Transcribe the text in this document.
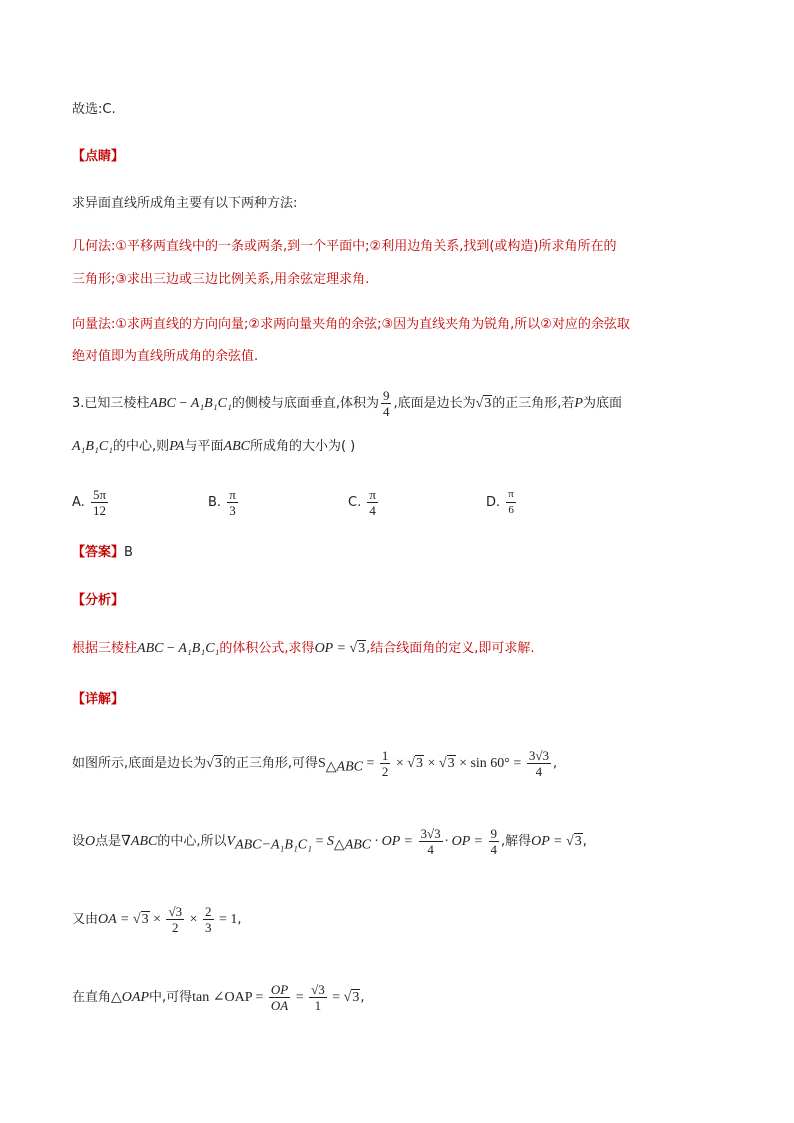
故选:C.
【点睛】
求异面直线所成角主要有以下两种方法:
几何法:①平移两直线中的一条或两条,到一个平面中;②利用边角关系,找到(或构造)所求角所在的
三角形;③求出三边或三边比例关系,用余弦定理求角.
向量法:①求两直线的方向向量;②求两向量夹角的余弦;③因为直线夹角为锐角,所以②对应的余弦取
绝对值即为直线所成角的余弦值.
3.已知三棱柱ABC − A₁B₁C₁的侧棱与底面垂直,体积为 $\frac{9}{4}$ ,底面是边长为√3的正三角形,若P为底面
A₁B₁C₁的中心,则PA与平面ABC所成角的大小为( )
A. $\frac{5\pi}{12}$	B. $\frac{\pi}{3}$	C. $\frac{\pi}{4}$	D. $\frac{\pi}{6}$
【答案】B
【分析】
根据三棱柱ABC − A₁B₁C₁的体积公式,求得OP = √3,结合线面角的定义,即可求解.
【详解】
如图所示,底面是边长为√3的正三角形,可得$S_{\triangle ABC} = \frac{1}{2} \times √3 \times √3 \times \sin 60^\circ = \frac{3√3}{4}$ ,
设O点是∇ABC的中心,所以$V_{ABC-A_1B_1C_1} = S_{\triangle ABC}$ · OP = $\frac{3√3}{4}$ · OP = $\frac{9}{4}$ ,解得OP = √3,
又由OA = $√3 \times \frac{√3}{2} \times \frac{2}{3} = 1$,
在直角△OAP中,可得tan ∠OAP = $\frac{OP}{OA} = \frac{√3}{1} = √3$,
